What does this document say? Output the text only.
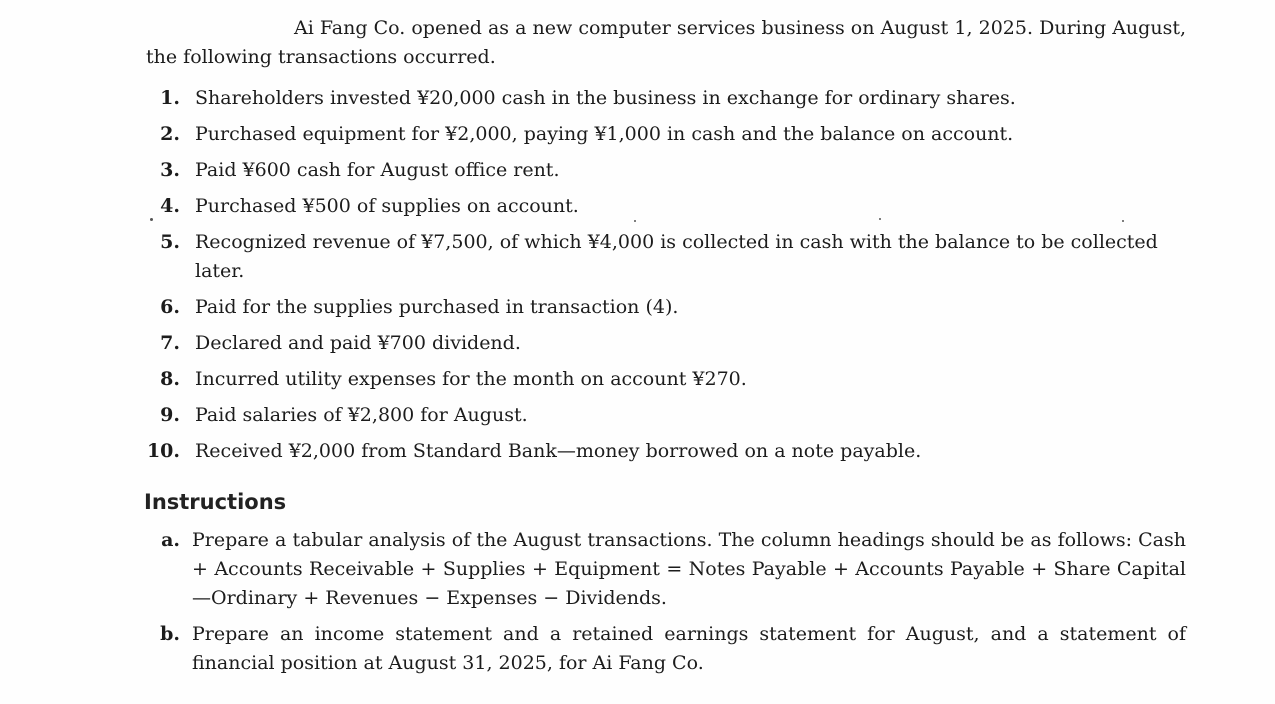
Ai Fang Co. opened as a new computer services business on August 1, 2025. During August, the following transactions occurred.

1. Shareholders invested ¥20,000 cash in the business in exchange for ordinary shares.
2. Purchased equipment for ¥2,000, paying ¥1,000 in cash and the balance on account.
3. Paid ¥600 cash for August office rent.
4. Purchased ¥500 of supplies on account.
5. Recognized revenue of ¥7,500, of which ¥4,000 is collected in cash with the balance to be collected later.
6. Paid for the supplies purchased in transaction (4).
7. Declared and paid ¥700 dividend.
8. Incurred utility expenses for the month on account ¥270.
9. Paid salaries of ¥2,800 for August.
10. Received ¥2,000 from Standard Bank—money borrowed on a note payable.
Instructions
a. Prepare a tabular analysis of the August transactions. The column headings should be as follows: Cash + Accounts Receivable + Supplies + Equipment = Notes Payable + Accounts Payable + Share Capital—Ordinary + Revenues − Expenses − Dividends.
b. Prepare an income statement and a retained earnings statement for August, and a statement of financial position at August 31, 2025, for Ai Fang Co.
